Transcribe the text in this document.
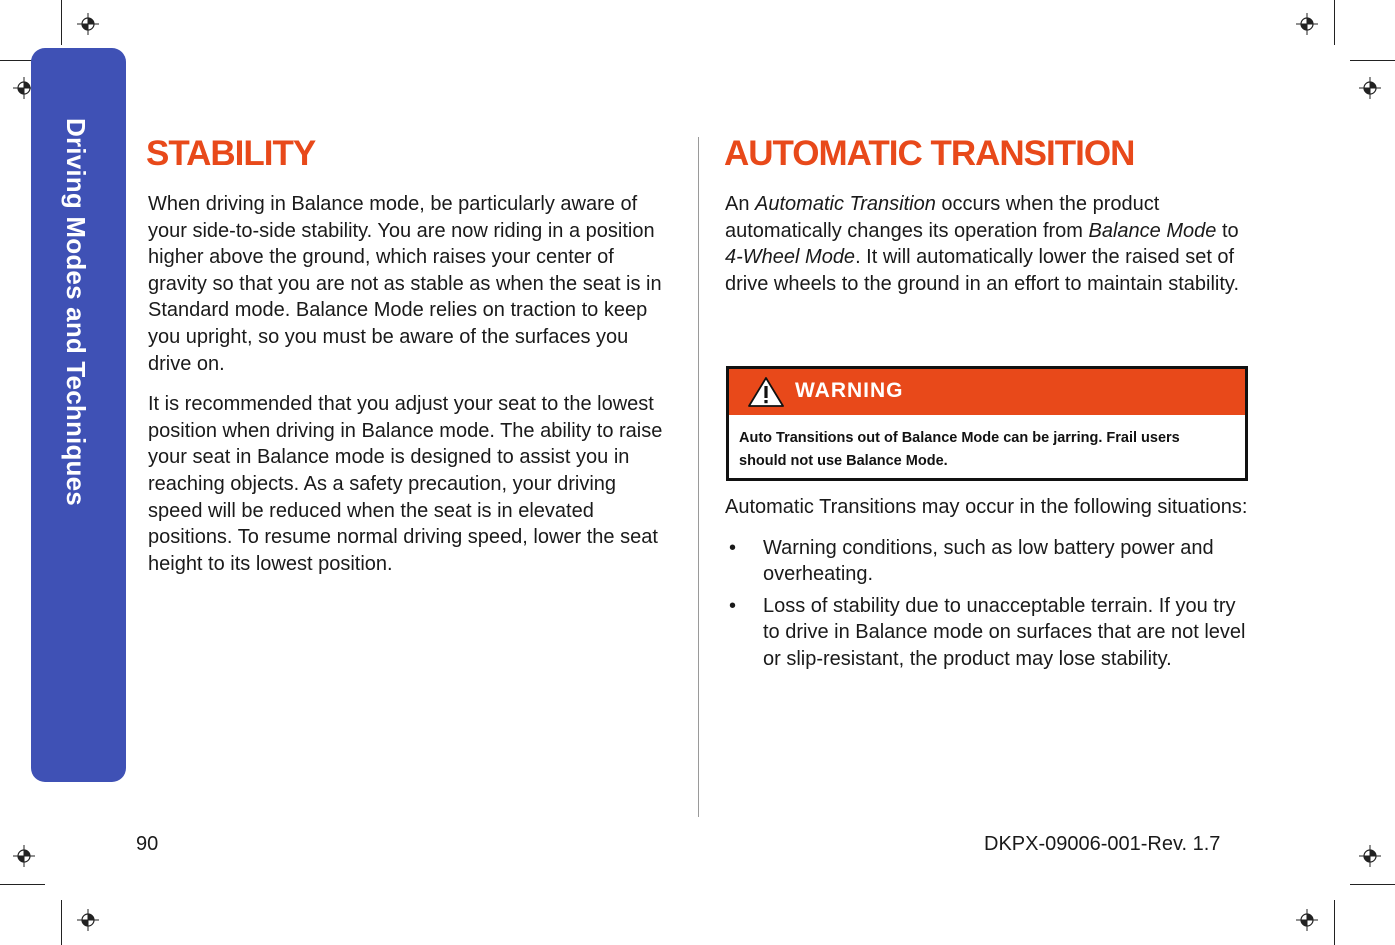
Driving Modes and Techniques STABILITY

When driving in Balance mode, be particularly aware of your side-to-side stability. You are now riding in a position higher above the ground, which raises your center of gravity so that you are not as stable as when the seat is in Standard mode. Balance Mode relies on traction to keep you upright, so you must be aware of the surfaces you drive on.

It is recommended that you adjust your seat to the lowest position when driving in Balance mode. The ability to raise your seat in Balance mode is designed to assist you in reaching objects. As a safety precaution, your driving speed will be reduced when the seat is in elevated positions. To resume normal driving speed, lower the seat height to its lowest position.

AUTOMATIC TRANSITION

An Automatic Transition occurs when the product automatically changes its operation from Balance Mode to 4-Wheel Mode. It will automatically lower the raised set of drive wheels to the ground in an effort to maintain stability.

WARNING
Auto Transitions out of Balance Mode can be jarring. Frail users should not use Balance Mode.

Automatic Transitions may occur in the following situations:

• Warning conditions, such as low battery power and overheating.
• Loss of stability due to unacceptable terrain. If you try to drive in Balance mode on surfaces that are not level or slip-resistant, the product may lose stability.
90	DKPX-09006-001-Rev. 1.7
